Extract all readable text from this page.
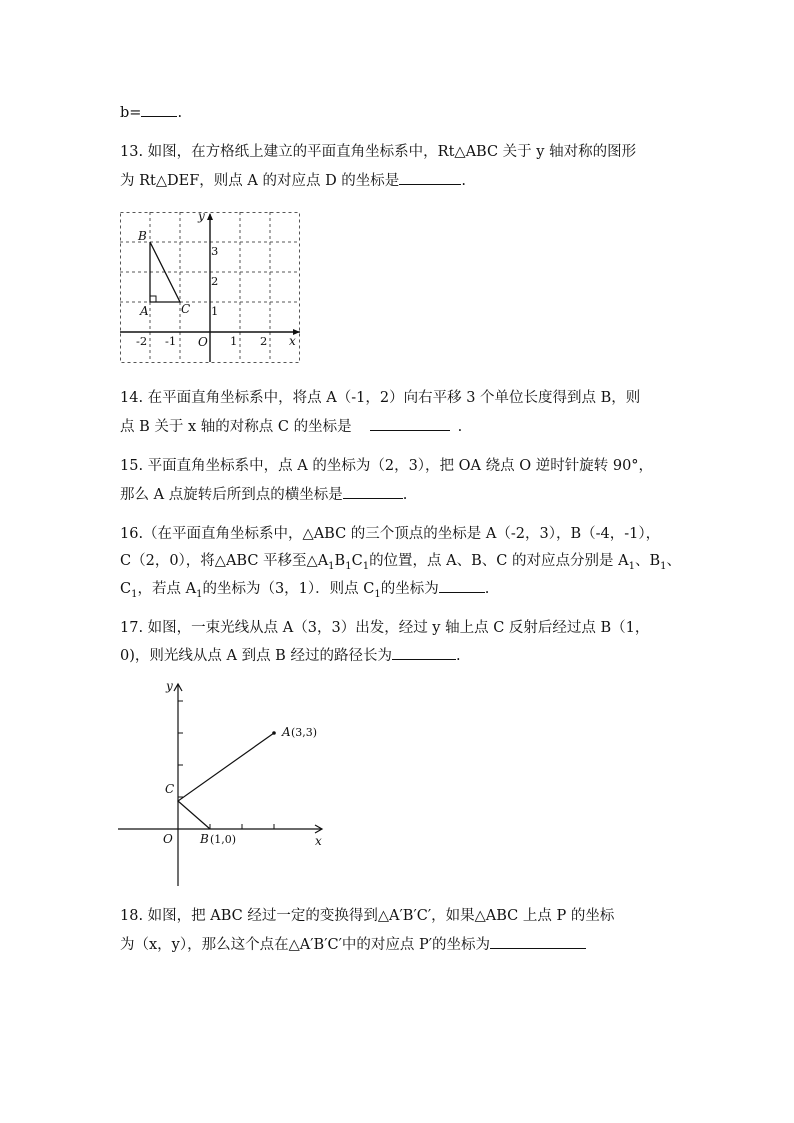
b= .
13. 如图，在方格纸上建立的平面直角坐标系中，Rt△ABC 关于 y 轴对称的图形
为 Rt△DEF，则点 A 的对应点 D 的坐标是	.
y
x
O
B
A	C
-2 -1	1 2
1
2
3
14. 在平面直角坐标系中，将点 A（-1，2）向右平移 3 个单位长度得到点 B，则
点 B 关于 x 轴的对称点 C 的坐标是	.
15. 平面直角坐标系中，点 A 的坐标为（2，3），把 OA 绕点 O 逆时针旋转 90°，
那么 A 点旋转后所到点的横坐标是	.
16.（在平面直角坐标系中，△ABC 的三个顶点的坐标是 A（-2，3），B（-4，-1），
C（2，0），将△ABC 平移至$\triangle A_1B_1C_1$的位置，点 A、B、C 的对应点分别是 $A_1$、$B_1$、
$C_1$，若点 $A_1$的坐标为（3，1）．则点 $C_1$的坐标为	.
17. 如图，一束光线从点 A（3，3）出发，经过 y 轴上点 C 反射后经过点 B（1，
0)，则光线从点 A 到点 B 经过的路径长为	.
y
x
O
C
A
B
(3,3)
(1,0)
18. 如图，把 ABC 经过一定的变换得到△A′B′C′，如果△ABC 上点 P 的坐标
为（x，y），那么这个点在△A′B′C′中的对应点 P′的坐标为
